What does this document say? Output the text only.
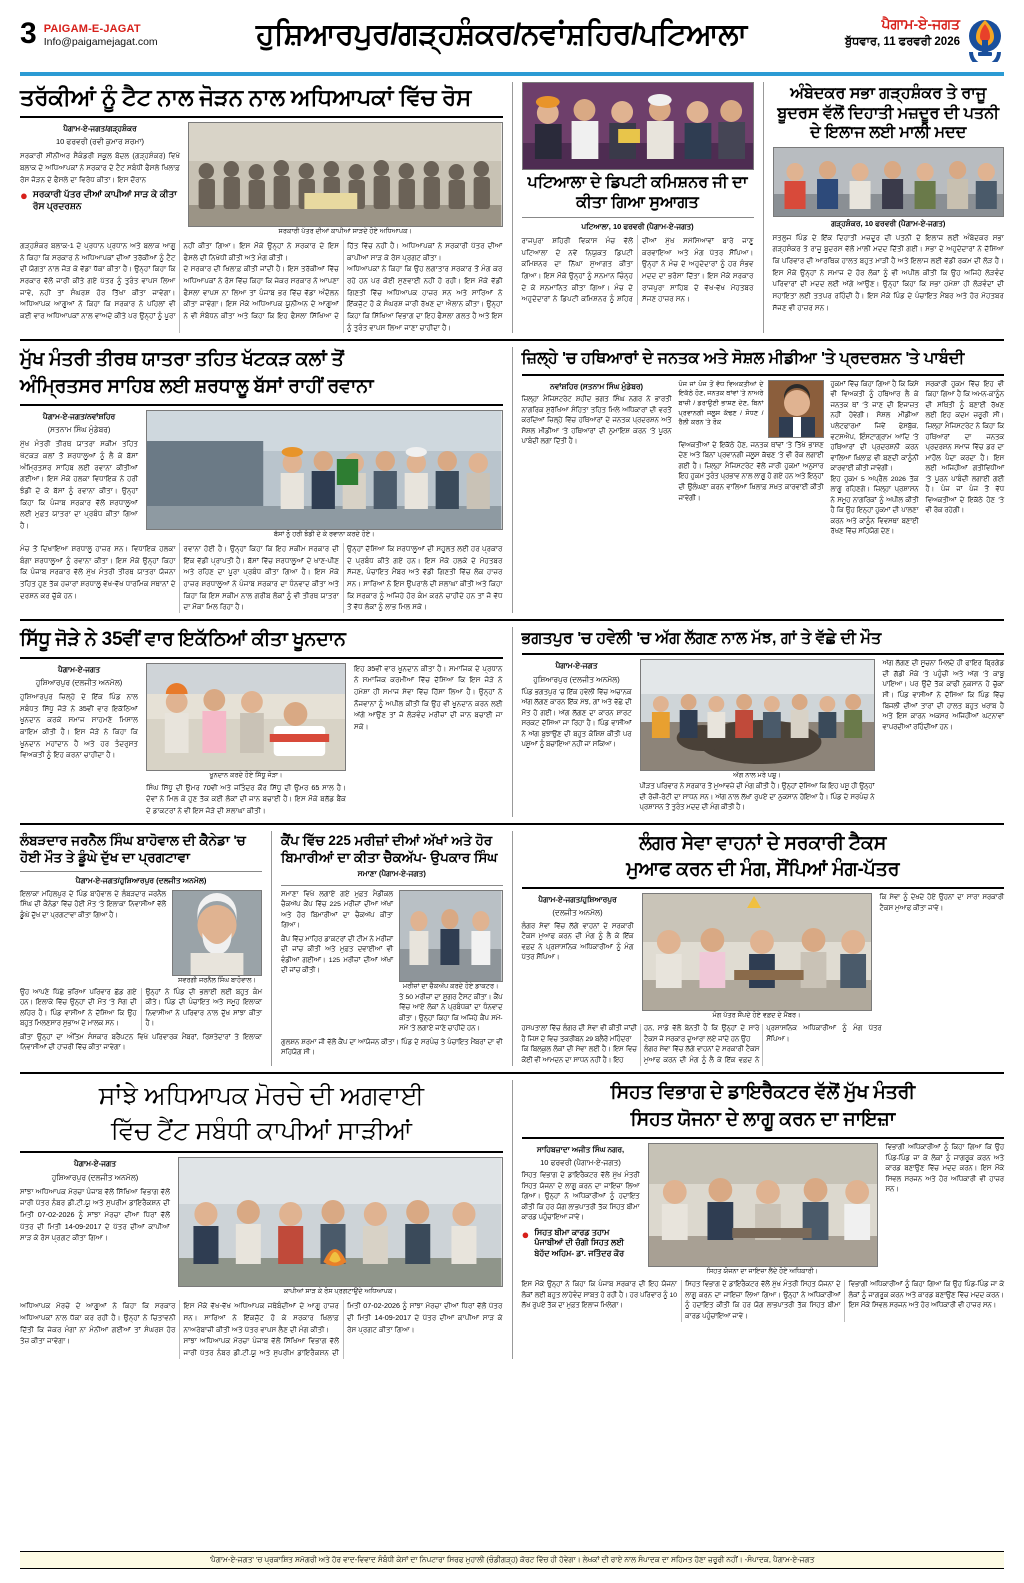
3 PAIGAM-E-JAGAT
Info@paigamejagat.com	ਹੁਸ਼ਿਆਰਪੁਰ/ਗੜ੍ਹਸ਼ੰਕਰ/ਨਵਾਂਸ਼ਹਿਰ/ਪਟਿਆਲਾ	ਪੈਗਾਮ-ਏ-ਜਗਤ
ਬੁੱਧਵਾਰ, 11 ਫਰਵਰੀ 2026
ਤਰੱਕੀਆਂ ਨੂੰ ਟੈਟ ਨਾਲ ਜੋੜਨ ਨਾਲ ਅਧਿਆਪਕਾਂ ਵਿੱਚ ਰੋਸ
ਪੈਗਾਮ-ਏ-ਜਗਤ/ਗੜ੍ਹਸ਼ੰਕਰ
10 ਫਰਵਰੀ (ਰਵੀ ਕੁਮਾਰ ਸ਼ਰਮਾ)
ਸਰਕਾਰੀ ਸੀਨੀਅਰ ਸੈਕੰਡਰੀ ਸਕੂਲ ਬੋਦਲ (ਗੜ੍ਹਸ਼ੰਕਰ) ਵਿਖੇ ਬਲਾਕ ਦੇ ਅਧਿਆਪਕਾਂ ਨੇ ਸਰਕਾਰ ਦੇ ਟੈਟ ਸਬੰਧੀ ਫੈਸਲੇ ਖਿਲਾਫ਼ ਰੋਸ ਜੋੜਨ ਦੇ ਫੈਸਲੇ ਦਾ ਵਿਰੋਧ ਕੀਤਾ। ਇਸ ਦੌਰਾਨ
● ਸਰਕਾਰੀ ਪੱਤਰ ਦੀਆਂ ਕਾਪੀਆਂ ਸਾੜ ਕੇ ਕੀਤਾ ਰੋਸ ਪ੍ਰਦਰਸ਼ਨ
ਸਰਕਾਰੀ ਪੱਤਰ ਦੀਆਂ ਕਾਪੀਆਂ ਸਾੜਦੇ ਹੋਏ ਅਧਿਆਪਕ।
ਗੜ੍ਹਸ਼ੰਕਰ ਬਲਾਕ-1 ਦੇ ਪ੍ਰਧਾਨ ਪ੍ਰਧਾਨ ਅਤੇ ਬਲਾਕ ਆਗੂ ਨੇ ਕਿਹਾ ਕਿ ਸਰਕਾਰ ਨੇ ਅਧਿਆਪਕਾਂ ਦੀਆਂ ਤਰੱਕੀਆਂ ਨੂੰ ਟੈਟ ਦੀ ਯੋਗਤਾ ਨਾਲ ਜੋੜ ਕੇ ਵੱਡਾ ਧੱਕਾ ਕੀਤਾ ਹੈ। ਉਨ੍ਹਾਂ ਕਿਹਾ ਕਿ ਸਰਕਾਰ ਵੱਲੋਂ ਜਾਰੀ ਕੀਤੇ ਗਏ ਪੱਤਰ ਨੂੰ ਤੁਰੰਤ ਵਾਪਸ ਲਿਆ ਜਾਵੇ, ਨਹੀਂ ਤਾਂ ਸੰਘਰਸ਼ ਹੋਰ ਤਿੱਖਾ ਕੀਤਾ ਜਾਵੇਗਾ। ਅਧਿਆਪਕ ਆਗੂਆਂ ਨੇ ਕਿਹਾ ਕਿ ਸਰਕਾਰ ਨੇ ਪਹਿਲਾਂ ਵੀ ਕਈ ਵਾਰ ਅਧਿਆਪਕਾਂ ਨਾਲ ਵਾਅਦੇ ਕੀਤੇ ਪਰ ਉਨ੍ਹਾਂ ਨੂੰ ਪੂਰਾ ਨਹੀਂ ਕੀਤਾ ਗਿਆ। ਇਸ ਮੌਕੇ ਉਨ੍ਹਾਂ ਨੇ ਸਰਕਾਰ ਦੇ ਇਸ ਫੈਸਲੇ ਦੀ ਨਿਖੇਧੀ ਕੀਤੀ ਅਤੇ ਮੰਗ ਕੀਤੀ।
ਦੇ ਸਰਕਾਰ ਦੀ ਖਿਲਾਫ਼ ਕੀਤੀ ਜਾਂਦੀ ਹੈ। ਇਸ ਤਰੱਕੀਆਂ ਵਿੱਚ ਅਧਿਆਪਕਾਂ ਨੇ ਰੋਸ ਵਿੱਚ ਕਿਹਾ ਕਿ ਜੇਕਰ ਸਰਕਾਰ ਨੇ ਆਪਣਾ ਫੈਸਲਾ ਵਾਪਸ ਨਾ ਲਿਆ ਤਾਂ ਪੰਜਾਬ ਭਰ ਵਿੱਚ ਵੱਡਾ ਅੰਦੋਲਨ ਕੀਤਾ ਜਾਵੇਗਾ। ਇਸ ਮੌਕੇ ਅਧਿਆਪਕ ਯੂਨੀਅਨ ਦੇ ਆਗੂਆਂ ਨੇ ਵੀ ਸੰਬੋਧਨ ਕੀਤਾ ਅਤੇ ਕਿਹਾ ਕਿ ਇਹ ਫੈਸਲਾ ਸਿੱਖਿਆ ਦੇ ਹਿੱਤ ਵਿੱਚ ਨਹੀਂ ਹੈ। ਅਧਿਆਪਕਾਂ ਨੇ ਸਰਕਾਰੀ ਪੱਤਰ ਦੀਆਂ ਕਾਪੀਆਂ ਸਾੜ ਕੇ ਰੋਸ ਪ੍ਰਗਟ ਕੀਤਾ।
ਅਧਿਆਪਕਾਂ ਨੇ ਕਿਹਾ ਕਿ ਉਹ ਲਗਾਤਾਰ ਸਰਕਾਰ ਤੋਂ ਮੰਗ ਕਰ ਰਹੇ ਹਨ ਪਰ ਕੋਈ ਸੁਣਵਾਈ ਨਹੀਂ ਹੋ ਰਹੀ। ਇਸ ਮੌਕੇ ਵੱਡੀ ਗਿਣਤੀ ਵਿੱਚ ਅਧਿਆਪਕ ਹਾਜ਼ਰ ਸਨ ਅਤੇ ਸਾਰਿਆਂ ਨੇ ਇੱਕਜੁੱਟ ਹੋ ਕੇ ਸੰਘਰਸ਼ ਜਾਰੀ ਰੱਖਣ ਦਾ ਐਲਾਨ ਕੀਤਾ। ਉਨ੍ਹਾਂ ਕਿਹਾ ਕਿ ਸਿੱਖਿਆ ਵਿਭਾਗ ਦਾ ਇਹ ਫੈਸਲਾ ਗਲਤ ਹੈ ਅਤੇ ਇਸ ਨੂੰ ਤੁਰੰਤ ਵਾਪਸ ਲਿਆ ਜਾਣਾ ਚਾਹੀਦਾ ਹੈ।
ਪਟਿਆਲਾ ਦੇ ਡਿਪਟੀ ਕਮਿਸ਼ਨਰ ਜੀ ਦਾ ਕੀਤਾ ਗਿਆ ਸੁਆਗਤ
ਪਟਿਆਲਾ, 10 ਫਰਵਰੀ (ਪੈਗਾਮ-ਏ-ਜਗਤ)
ਰਾਜਪੁਰਾ ਸ਼ਹਿਰੀ ਵਿਕਾਸ ਮੰਚ ਵੱਲੋਂ ਪਟਿਆਲਾ ਦੇ ਨਵੇਂ ਨਿਯੁਕਤ ਡਿਪਟੀ ਕਮਿਸ਼ਨਰ ਦਾ ਨਿੱਘਾ ਸੁਆਗਤ ਕੀਤਾ ਗਿਆ। ਇਸ ਮੌਕੇ ਉਨ੍ਹਾਂ ਨੂੰ ਸਨਮਾਨ ਚਿੰਨ੍ਹ ਦੇ ਕੇ ਸਨਮਾਨਿਤ ਕੀਤਾ ਗਿਆ। ਮੰਚ ਦੇ ਅਹੁਦੇਦਾਰਾਂ ਨੇ ਡਿਪਟੀ ਕਮਿਸ਼ਨਰ ਨੂੰ ਸ਼ਹਿਰ ਦੀਆਂ ਮੁੱਖ ਸਮੱਸਿਆਵਾਂ ਬਾਰੇ ਜਾਣੂ ਕਰਵਾਇਆ ਅਤੇ ਮੰਗ ਪੱਤਰ ਸੌਂਪਿਆ। ਉਨ੍ਹਾਂ ਨੇ ਮੰਚ ਦੇ ਅਹੁਦੇਦਾਰਾਂ ਨੂੰ ਹਰ ਸੰਭਵ ਮਦਦ ਦਾ ਭਰੋਸਾ ਦਿੱਤਾ। ਇਸ ਮੌਕੇ ਸਰਕਾਰ ਰਾਜਪੁਰਾ ਸਾਹਿਬ ਦੇ ਵੱਖ-ਵੱਖ ਮੋਹਤਬਰ ਸੱਜਣ ਹਾਜ਼ਰ ਸਨ।
ਅੰਬੇਦਕਰ ਸਭਾ ਗੜ੍ਹਸ਼ੰਕਰ ਤੇ ਰਾਜੂ ਬੂਦਰਸ ਵੱਲੋਂ ਦਿਹਾਤੀ ਮਜ਼ਦੂਰ ਦੀ ਪਤਨੀ ਦੇ ਇਲਾਜ ਲਈ ਮਾਲੀ ਮਦਦ
ਗੜ੍ਹਸ਼ੰਕਰ, 10 ਫਰਵਰੀ (ਪੈਗਾਮ-ਏ-ਜਗਤ)
ਸਤਲੁਜ ਪਿੰਡ ਦੇ ਇੱਕ ਦਿਹਾਤੀ ਮਜ਼ਦੂਰ ਦੀ ਪਤਨੀ ਦੇ ਇਲਾਜ ਲਈ ਅੰਬੇਦਕਰ ਸਭਾ ਗੜ੍ਹਸ਼ੰਕਰ ਤੇ ਰਾਜੂ ਬੂਦਰਸ ਵੱਲੋਂ ਮਾਲੀ ਮਦਦ ਦਿੱਤੀ ਗਈ। ਸਭਾ ਦੇ ਅਹੁਦੇਦਾਰਾਂ ਨੇ ਦੱਸਿਆ ਕਿ ਪਰਿਵਾਰ ਦੀ ਆਰਥਿਕ ਹਾਲਤ ਬਹੁਤ ਮਾੜੀ ਹੈ ਅਤੇ ਇਲਾਜ ਲਈ ਵੱਡੀ ਰਕਮ ਦੀ ਲੋੜ ਹੈ। ਇਸ ਮੌਕੇ ਉਨ੍ਹਾਂ ਨੇ ਸਮਾਜ ਦੇ ਹੋਰ ਲੋਕਾਂ ਨੂੰ ਵੀ ਅਪੀਲ ਕੀਤੀ ਕਿ ਉਹ ਅਜਿਹੇ ਲੋੜਵੰਦ ਪਰਿਵਾਰਾਂ ਦੀ ਮਦਦ ਲਈ ਅੱਗੇ ਆਉਣ। ਉਨ੍ਹਾਂ ਕਿਹਾ ਕਿ ਸਭਾ ਹਮੇਸ਼ਾ ਹੀ ਲੋੜਵੰਦਾਂ ਦੀ ਸਹਾਇਤਾ ਲਈ ਤਤਪਰ ਰਹਿੰਦੀ ਹੈ। ਇਸ ਮੌਕੇ ਪਿੰਡ ਦੇ ਪੰਚਾਇਤ ਮੈਂਬਰ ਅਤੇ ਹੋਰ ਮੋਹਤਬਰ ਸੱਜਣ ਵੀ ਹਾਜ਼ਰ ਸਨ।
ਮੁੱਖ ਮੰਤਰੀ ਤੀਰਥ ਯਾਤਰਾ ਤਹਿਤ ਖੱਟਕੜ ਕਲਾਂ ਤੋਂ
ਅੰਮ੍ਰਿਤਸਰ ਸਾਹਿਬ ਲਈ ਸ਼ਰਧਾਲੂ ਬੱਸਾਂ ਰਾਹੀਂ ਰਵਾਨਾ
ਪੈਗਾਮ-ਏ-ਜਗਤ/ਨਵਾਂਸ਼ਹਿਰ
(ਸਤਨਾਮ ਸਿੰਘ ਮੁੰਡੇਬਰ)
ਮੁੱਖ ਮੰਤਰੀ ਤੀਰਥ ਯਾਤਰਾ ਸਕੀਮ ਤਹਿਤ ਖੱਟਕੜ ਕਲਾਂ ਤੋਂ ਸ਼ਰਧਾਲੂਆਂ ਨੂੰ ਲੈ ਕੇ ਬੱਸਾਂ ਅੰਮ੍ਰਿਤਸਰ ਸਾਹਿਬ ਲਈ ਰਵਾਨਾ ਕੀਤੀਆਂ ਗਈਆਂ। ਇਸ ਮੌਕੇ ਹਲਕਾ ਵਿਧਾਇਕ ਨੇ ਹਰੀ ਝੰਡੀ ਦੇ ਕੇ ਬੱਸਾਂ ਨੂੰ ਰਵਾਨਾ ਕੀਤਾ। ਉਨ੍ਹਾਂ ਕਿਹਾ ਕਿ ਪੰਜਾਬ ਸਰਕਾਰ ਵੱਲੋਂ ਸ਼ਰਧਾਲੂਆਂ ਲਈ ਮੁਫ਼ਤ ਯਾਤਰਾ ਦਾ ਪ੍ਰਬੰਧ ਕੀਤਾ ਗਿਆ ਹੈ।
ਬੱਸਾਂ ਨੂੰ ਹਰੀ ਝੰਡੀ ਦੇ ਕੇ ਰਵਾਨਾ ਕਰਦੇ ਹੋਏ।
ਮੰਚ ਤੋਂ ਦਿਖਾਇਆ ਸ਼ਰਧਾਲੂ ਹਾਜ਼ਰ ਸਨ। ਵਿਧਾਇਕ ਹਲਕਾ ਬੰਗਾ ਸ਼ਰਧਾਲੂਆਂ ਨੂੰ ਰਵਾਨਾ ਕੀਤਾ। ਇਸ ਮੌਕੇ ਉਨ੍ਹਾਂ ਕਿਹਾ ਕਿ ਪੰਜਾਬ ਸਰਕਾਰ ਵੱਲੋਂ ਮੁੱਖ ਮੰਤਰੀ ਤੀਰਥ ਯਾਤਰਾ ਯੋਜਨਾ ਤਹਿਤ ਹੁਣ ਤੱਕ ਹਜ਼ਾਰਾਂ ਸ਼ਰਧਾਲੂ ਵੱਖ-ਵੱਖ ਧਾਰਮਿਕ ਸਥਾਨਾਂ ਦੇ ਦਰਸ਼ਨ ਕਰ ਚੁੱਕੇ ਹਨ।
ਰਵਾਨਾ ਹੋਈ ਹੈ। ਉਨ੍ਹਾਂ ਕਿਹਾ ਕਿ ਇਹ ਸਕੀਮ ਸਰਕਾਰ ਦੀ ਇੱਕ ਵੱਡੀ ਪ੍ਰਾਪਤੀ ਹੈ। ਬੱਸਾਂ ਵਿੱਚ ਸ਼ਰਧਾਲੂਆਂ ਦੇ ਖਾਣ-ਪੀਣ ਅਤੇ ਰਹਿਣ ਦਾ ਪੂਰਾ ਪ੍ਰਬੰਧ ਕੀਤਾ ਗਿਆ ਹੈ। ਇਸ ਮੌਕੇ ਹਾਜ਼ਰ ਸ਼ਰਧਾਲੂਆਂ ਨੇ ਪੰਜਾਬ ਸਰਕਾਰ ਦਾ ਧੰਨਵਾਦ ਕੀਤਾ ਅਤੇ ਕਿਹਾ ਕਿ ਇਸ ਸਕੀਮ ਨਾਲ ਗਰੀਬ ਲੋਕਾਂ ਨੂੰ ਵੀ ਤੀਰਥ ਯਾਤਰਾ ਦਾ ਮੌਕਾ ਮਿਲ ਰਿਹਾ ਹੈ।
ਉਨ੍ਹਾਂ ਦੱਸਿਆ ਕਿ ਸ਼ਰਧਾਲੂਆਂ ਦੀ ਸਹੂਲਤ ਲਈ ਹਰ ਪ੍ਰਕਾਰ ਦੇ ਪ੍ਰਬੰਧ ਕੀਤੇ ਗਏ ਹਨ। ਇਸ ਮੌਕੇ ਹਲਕੇ ਦੇ ਮੋਹਤਬਰ ਸੱਜਣ, ਪੰਚਾਇਤ ਮੈਂਬਰ ਅਤੇ ਵੱਡੀ ਗਿਣਤੀ ਵਿੱਚ ਲੋਕ ਹਾਜ਼ਰ ਸਨ। ਸਾਰਿਆਂ ਨੇ ਇਸ ਉਪਰਾਲੇ ਦੀ ਸ਼ਲਾਘਾ ਕੀਤੀ ਅਤੇ ਕਿਹਾ ਕਿ ਸਰਕਾਰ ਨੂੰ ਅਜਿਹੇ ਹੋਰ ਕੰਮ ਕਰਨੇ ਚਾਹੀਦੇ ਹਨ ਤਾਂ ਜੋ ਵੱਧ ਤੋਂ ਵੱਧ ਲੋਕਾਂ ਨੂੰ ਲਾਭ ਮਿਲ ਸਕੇ।
ਜ਼ਿਲ੍ਹੇ 'ਚ ਹਥਿਆਰਾਂ ਦੇ ਜਨਤਕ ਅਤੇ ਸੋਸ਼ਲ ਮੀਡੀਆ 'ਤੇ ਪ੍ਰਦਰਸ਼ਨ 'ਤੇ ਪਾਬੰਦੀ
ਨਵਾਂਸ਼ਹਿਰ (ਸਤਨਾਮ ਸਿੰਘ ਮੁੰਡੇਬਰ)
ਜ਼ਿਲ੍ਹਾ ਮੈਜਿਸਟਰੇਟ ਸ਼ਹੀਦ ਭਗਤ ਸਿੰਘ ਨਗਰ ਨੇ ਭਾਰਤੀ ਨਾਗਰਿਕ ਸੁਰੱਖਿਆ ਸੰਹਿਤਾ ਤਹਿਤ ਮਿਲੇ ਅਧਿਕਾਰਾਂ ਦੀ ਵਰਤੋਂ ਕਰਦਿਆਂ ਜ਼ਿਲ੍ਹੇ ਵਿੱਚ ਹਥਿਆਰਾਂ ਦੇ ਜਨਤਕ ਪ੍ਰਦਰਸ਼ਨ ਅਤੇ ਸੋਸ਼ਲ ਮੀਡੀਆ 'ਤੇ ਹਥਿਆਰਾਂ ਦੀ ਨੁਮਾਇਸ਼ ਕਰਨ 'ਤੇ ਪੂਰਨ ਪਾਬੰਦੀ ਲਗਾ ਦਿੱਤੀ ਹੈ।
ਪੰਜ ਜਾਂ ਪੰਜ ਤੋਂ ਵੱਧ ਵਿਅਕਤੀਆਂ ਦੇ ਇਕੱਠੇ ਹੋਣ, ਜਨਤਕ ਥਾਂਵਾਂ 'ਤੇ ਨਾਅਰੇ ਬਾਜ਼ੀ / ਡਰਾਉਣੀ ਭਾਸ਼ਣ ਦੇਣ, ਬਿਨਾਂ ਪ੍ਰਵਾਨਗੀ ਜਲੂਸ ਕੱਢਣ / ਸੋਧਣ / ਰੈਲੀ ਕਰਨ 'ਤੇ ਰੋਕ
ਵਿਅਕਤੀਆਂ ਦੇ ਇਕੱਠੇ ਹੋਣ, ਜਨਤਕ ਥਾਂਵਾਂ 'ਤੇ ਤਿੱਖੇ ਭਾਸ਼ਣ ਦੇਣ ਅਤੇ ਬਿਨਾਂ ਪ੍ਰਵਾਨਗੀ ਜਲੂਸ ਕੱਢਣ 'ਤੇ ਵੀ ਰੋਕ ਲਗਾਈ ਗਈ ਹੈ। ਜ਼ਿਲ੍ਹਾ ਮੈਜਿਸਟਰੇਟ ਵੱਲੋਂ ਜਾਰੀ ਹੁਕਮਾਂ ਅਨੁਸਾਰ ਇਹ ਹੁਕਮ ਤੁਰੰਤ ਪ੍ਰਭਾਵ ਨਾਲ ਲਾਗੂ ਹੋ ਗਏ ਹਨ ਅਤੇ ਇਨ੍ਹਾਂ ਦੀ ਉਲੰਘਣਾ ਕਰਨ ਵਾਲਿਆਂ ਖ਼ਿਲਾਫ਼ ਸਖ਼ਤ ਕਾਰਵਾਈ ਕੀਤੀ ਜਾਵੇਗੀ।
ਹੁਕਮਾਂ ਵਿੱਚ ਕਿਹਾ ਗਿਆ ਹੈ ਕਿ ਕਿਸੇ ਵੀ ਵਿਅਕਤੀ ਨੂੰ ਹਥਿਆਰ ਲੈ ਕੇ ਜਨਤਕ ਥਾਂ 'ਤੇ ਜਾਣ ਦੀ ਇਜਾਜ਼ਤ ਨਹੀਂ ਹੋਵੇਗੀ। ਸੋਸ਼ਲ ਮੀਡੀਆ ਪਲੇਟਫਾਰਮਾਂ ਜਿਵੇਂ ਫੇਸਬੁੱਕ, ਵਟਸਐਪ, ਇੰਸਟਾਗ੍ਰਾਮ ਆਦਿ 'ਤੇ ਹਥਿਆਰਾਂ ਦੀ ਪ੍ਰਦਰਸ਼ਨੀ ਕਰਨ ਵਾਲਿਆਂ ਖ਼ਿਲਾਫ਼ ਵੀ ਬਣਦੀ ਕਾਨੂੰਨੀ ਕਾਰਵਾਈ ਕੀਤੀ ਜਾਵੇਗੀ।
ਇਹ ਹੁਕਮ 5 ਅਪ੍ਰੈਲ 2026 ਤੱਕ ਲਾਗੂ ਰਹਿਣਗੇ। ਜ਼ਿਲ੍ਹਾ ਪ੍ਰਸ਼ਾਸਨ ਨੇ ਸਮੂਹ ਨਾਗਰਿਕਾਂ ਨੂੰ ਅਪੀਲ ਕੀਤੀ ਹੈ ਕਿ ਉਹ ਇਨ੍ਹਾਂ ਹੁਕਮਾਂ ਦੀ ਪਾਲਣਾ ਕਰਨ ਅਤੇ ਕਾਨੂੰਨ ਵਿਵਸਥਾ ਬਣਾਈ ਰੱਖਣ ਵਿੱਚ ਸਹਿਯੋਗ ਦੇਣ।
ਸਰਕਾਰੀ ਹੁਕਮ ਵਿੱਚ ਇਹ ਵੀ ਕਿਹਾ ਗਿਆ ਹੈ ਕਿ ਅਮਨ-ਕਾਨੂੰਨ ਦੀ ਸਥਿਤੀ ਨੂੰ ਬਣਾਈ ਰੱਖਣ ਲਈ ਇਹ ਕਦਮ ਜ਼ਰੂਰੀ ਸੀ। ਜ਼ਿਲ੍ਹਾ ਮੈਜਿਸਟਰੇਟ ਨੇ ਕਿਹਾ ਕਿ ਹਥਿਆਰਾਂ ਦਾ ਜਨਤਕ ਪ੍ਰਦਰਸ਼ਨ ਸਮਾਜ ਵਿੱਚ ਡਰ ਦਾ ਮਾਹੌਲ ਪੈਦਾ ਕਰਦਾ ਹੈ। ਇਸ ਲਈ ਅਜਿਹੀਆਂ ਗਤੀਵਿਧੀਆਂ 'ਤੇ ਪੂਰਨ ਪਾਬੰਦੀ ਲਗਾਈ ਗਈ ਹੈ। ਪੰਜ ਜਾਂ ਪੰਜ ਤੋਂ ਵੱਧ ਵਿਅਕਤੀਆਂ ਦੇ ਇਕੱਠੇ ਹੋਣ 'ਤੇ ਵੀ ਰੋਕ ਰਹੇਗੀ।
ਸਿੱਧੂ ਜੋੜੇ ਨੇ 35ਵੀਂ ਵਾਰ ਇਕੱਠਿਆਂ ਕੀਤਾ ਖੂਨਦਾਨ
ਪੈਗਾਮ-ਏ-ਜਗਤ
ਹੁਸ਼ਿਆਰਪੁਰ (ਦਲਜੀਤ ਅਨਮੋਲ)
ਹੁਸ਼ਿਆਰਪੁਰ ਜ਼ਿਲ੍ਹੇ ਦੇ ਇੱਕ ਪਿੰਡ ਨਾਲ ਸਬੰਧਤ ਸਿੱਧੂ ਜੋੜੇ ਨੇ 35ਵੀਂ ਵਾਰ ਇਕੱਠਿਆਂ ਖੂਨਦਾਨ ਕਰਕੇ ਸਮਾਜ ਸਾਹਮਣੇ ਮਿਸਾਲ ਕਾਇਮ ਕੀਤੀ ਹੈ। ਇਸ ਜੋੜੇ ਨੇ ਕਿਹਾ ਕਿ ਖੂਨਦਾਨ ਮਹਾਂਦਾਨ ਹੈ ਅਤੇ ਹਰ ਤੰਦਰੁਸਤ ਵਿਅਕਤੀ ਨੂੰ ਇਹ ਕਰਨਾ ਚਾਹੀਦਾ ਹੈ।
ਖੂਨਦਾਨ ਕਰਦੇ ਹੋਏ ਸਿੱਧੂ ਜੋੜਾ।
ਸਿੰਘ ਸਿੱਧੂ ਦੀ ਉਮਰ 70ਵੀਂ ਅਤੇ ਜਤਿੰਦਰ ਕੌਰ ਸਿੱਧੂ ਦੀ ਉਮਰ 65 ਸਾਲ ਹੈ। ਦੋਵਾਂ ਨੇ ਮਿਲ ਕੇ ਹੁਣ ਤੱਕ ਕਈ ਲੋਕਾਂ ਦੀ ਜਾਨ ਬਚਾਈ ਹੈ। ਇਸ ਮੌਕੇ ਬਲੱਡ ਬੈਂਕ ਦੇ ਡਾਕਟਰਾਂ ਨੇ ਵੀ ਇਸ ਜੋੜੇ ਦੀ ਸ਼ਲਾਘਾ ਕੀਤੀ।
ਇਹ 35ਵੀਂ ਵਾਰ ਖੂਨਦਾਨ ਕੀਤਾ ਹੈ। ਸਮਾਜਿਕ ਦੇ ਪ੍ਰਧਾਨ ਨੇ ਸਮਾਜਿਕ ਕਰਮੀਆਂ ਵਿੱਚ ਦੱਸਿਆ ਕਿ ਇਸ ਜੋੜੇ ਨੇ ਹਮੇਸ਼ਾ ਹੀ ਸਮਾਜ ਸੇਵਾ ਵਿੱਚ ਹਿੱਸਾ ਲਿਆ ਹੈ। ਉਨ੍ਹਾਂ ਨੇ ਨੌਜਵਾਨਾਂ ਨੂੰ ਅਪੀਲ ਕੀਤੀ ਕਿ ਉਹ ਵੀ ਖੂਨਦਾਨ ਕਰਨ ਲਈ ਅੱਗੇ ਆਉਣ ਤਾਂ ਜੋ ਲੋੜਵੰਦ ਮਰੀਜ਼ਾਂ ਦੀ ਜਾਨ ਬਚਾਈ ਜਾ ਸਕੇ।
ਭਗਤਪੁਰ 'ਚ ਹਵੇਲੀ 'ਚ ਅੱਗ ਲੱਗਣ ਨਾਲ ਮੱਝ, ਗਾਂ ਤੇ ਵੱਛੇ ਦੀ ਮੌਤ
ਪੈਗਾਮ-ਏ-ਜਗਤ
ਹੁਸ਼ਿਆਰਪੁਰ (ਦਲਜੀਤ ਅਨਮੋਲ)
ਪਿੰਡ ਭਗਤਪੁਰ 'ਚ ਇੱਕ ਹਵੇਲੀ ਵਿੱਚ ਅਚਾਨਕ ਅੱਗ ਲੱਗਣ ਕਾਰਨ ਇੱਕ ਮੱਝ, ਗਾਂ ਅਤੇ ਵੱਛੇ ਦੀ ਮੌਤ ਹੋ ਗਈ। ਅੱਗ ਲੱਗਣ ਦਾ ਕਾਰਨ ਸ਼ਾਰਟ ਸਰਕਟ ਦੱਸਿਆ ਜਾ ਰਿਹਾ ਹੈ। ਪਿੰਡ ਵਾਸੀਆਂ ਨੇ ਅੱਗ ਬੁਝਾਉਣ ਦੀ ਬਹੁਤ ਕੋਸ਼ਿਸ਼ ਕੀਤੀ ਪਰ ਪਸ਼ੂਆਂ ਨੂੰ ਬਚਾਇਆ ਨਹੀਂ ਜਾ ਸਕਿਆ।
ਅੱਗ ਨਾਲ ਮਰੇ ਪਸ਼ੂ।
ਪੀੜਤ ਪਰਿਵਾਰ ਨੇ ਸਰਕਾਰ ਤੋਂ ਮੁਆਵਜ਼ੇ ਦੀ ਮੰਗ ਕੀਤੀ ਹੈ। ਉਨ੍ਹਾਂ ਦੱਸਿਆ ਕਿ ਇਹ ਪਸ਼ੂ ਹੀ ਉਨ੍ਹਾਂ ਦੀ ਰੋਜ਼ੀ-ਰੋਟੀ ਦਾ ਸਾਧਨ ਸਨ। ਅੱਗ ਨਾਲ ਲੱਖਾਂ ਰੁਪਏ ਦਾ ਨੁਕਸਾਨ ਹੋਇਆ ਹੈ। ਪਿੰਡ ਦੇ ਸਰਪੰਚ ਨੇ ਪ੍ਰਸ਼ਾਸਨ ਤੋਂ ਤੁਰੰਤ ਮਦਦ ਦੀ ਮੰਗ ਕੀਤੀ ਹੈ।
ਅੱਗ ਲੱਗਣ ਦੀ ਸੂਚਨਾ ਮਿਲਦੇ ਹੀ ਫਾਇਰ ਬ੍ਰਿਗੇਡ ਦੀ ਗੱਡੀ ਮੌਕੇ 'ਤੇ ਪਹੁੰਚੀ ਅਤੇ ਅੱਗ 'ਤੇ ਕਾਬੂ ਪਾਇਆ। ਪਰ ਉਦੋਂ ਤੱਕ ਕਾਫੀ ਨੁਕਸਾਨ ਹੋ ਚੁੱਕਾ ਸੀ। ਪਿੰਡ ਵਾਸੀਆਂ ਨੇ ਦੱਸਿਆ ਕਿ ਪਿੰਡ ਵਿੱਚ ਬਿਜਲੀ ਦੀਆਂ ਤਾਰਾਂ ਦੀ ਹਾਲਤ ਬਹੁਤ ਖਰਾਬ ਹੈ ਅਤੇ ਇਸ ਕਾਰਨ ਅਕਸਰ ਅਜਿਹੀਆਂ ਘਟਨਾਵਾਂ ਵਾਪਰਦੀਆਂ ਰਹਿੰਦੀਆਂ ਹਨ।
ਲੰਬੜਦਾਰ ਜਰਨੈਲ ਸਿੰਘ ਬਾਹੋਵਾਲ ਦੀ ਕੈਨੇਡਾ 'ਚ ਹੋਈ ਮੌਤ ਤੇ ਡੂੰਘੇ ਦੁੱਖ ਦਾ ਪ੍ਰਗਟਾਵਾ
ਪੈਗਾਮ-ਏ-ਜਗਤ/ਹੁਸ਼ਿਆਰਪੁਰ (ਦਲਜੀਤ ਅਨਮੋਲ)
ਇਲਾਕਾ ਮਹਿਲਪੁਰ ਦੇ ਪਿੰਡ ਬਾਹੋਵਾਲ ਦੇ ਲੰਬੜਦਾਰ ਜਰਨੈਲ ਸਿੰਘ ਦੀ ਕੈਨੇਡਾ ਵਿੱਚ ਹੋਈ ਮੌਤ 'ਤੇ ਇਲਾਕਾ ਨਿਵਾਸੀਆਂ ਵੱਲੋਂ ਡੂੰਘੇ ਦੁੱਖ ਦਾ ਪ੍ਰਗਟਾਵਾ ਕੀਤਾ ਗਿਆ ਹੈ।
ਸਵਰਗੀ ਜਰਨੈਲ ਸਿੰਘ ਬਾਹੋਵਾਲ।
ਉਹ ਆਪਣੇ ਪਿੱਛੇ ਭਰਿਆ ਪਰਿਵਾਰ ਛੱਡ ਗਏ ਹਨ। ਇਲਾਕੇ ਵਿੱਚ ਉਨ੍ਹਾਂ ਦੀ ਮੌਤ 'ਤੇ ਸੋਗ ਦੀ ਲਹਿਰ ਹੈ। ਪਿੰਡ ਵਾਸੀਆਂ ਨੇ ਦੱਸਿਆ ਕਿ ਉਹ ਬਹੁਤ ਮਿਲਣਸਾਰ ਸੁਭਾਅ ਦੇ ਮਾਲਕ ਸਨ।
ਉਨ੍ਹਾਂ ਨੇ ਪਿੰਡ ਦੀ ਭਲਾਈ ਲਈ ਬਹੁਤ ਕੰਮ ਕੀਤੇ। ਪਿੰਡ ਦੀ ਪੰਚਾਇਤ ਅਤੇ ਸਮੂਹ ਇਲਾਕਾ ਨਿਵਾਸੀਆਂ ਨੇ ਪਰਿਵਾਰ ਨਾਲ ਦੁੱਖ ਸਾਂਝਾ ਕੀਤਾ ਹੈ।
ਕੀਤਾ ਉਨ੍ਹਾਂ ਦਾ ਅੰਤਿਮ ਸੰਸਕਾਰ ਬਰੈਂਪਟਨ ਵਿਖੇ ਪਰਿਵਾਰਕ ਮੈਂਬਰਾਂ, ਰਿਸ਼ਤੇਦਾਰਾਂ ਤੇ ਇਲਾਕਾ ਨਿਵਾਸੀਆਂ ਦੀ ਹਾਜ਼ਰੀ ਵਿੱਚ ਕੀਤਾ ਜਾਵੇਗਾ।
ਕੈਂਪ ਵਿੱਚ 225 ਮਰੀਜ਼ਾਂ ਦੀਆਂ ਅੱਖਾਂ ਅਤੇ ਹੋਰ ਬਿਮਾਰੀਆਂ ਦਾ ਕੀਤਾ ਚੈਕਅੱਪ- ਉਪਕਾਰ ਸਿੰਘ
ਸਮਾਣਾ (ਪੈਗਾਮ-ਏ-ਜਗਤ)
ਸਮਾਣਾ ਵਿਖੇ ਲਗਾਏ ਗਏ ਮੁਫ਼ਤ ਮੈਡੀਕਲ ਚੈਕਅੱਪ ਕੈਂਪ ਵਿੱਚ 225 ਮਰੀਜ਼ਾਂ ਦੀਆਂ ਅੱਖਾਂ ਅਤੇ ਹੋਰ ਬਿਮਾਰੀਆਂ ਦਾ ਚੈਕਅੱਪ ਕੀਤਾ ਗਿਆ।
ਕੈਂਪ ਵਿੱਚ ਮਾਹਿਰ ਡਾਕਟਰਾਂ ਦੀ ਟੀਮ ਨੇ ਮਰੀਜ਼ਾਂ ਦੀ ਜਾਂਚ ਕੀਤੀ ਅਤੇ ਮੁਫ਼ਤ ਦਵਾਈਆਂ ਵੀ ਵੰਡੀਆਂ ਗਈਆਂ। 125 ਮਰੀਜ਼ਾਂ ਦੀਆਂ ਅੱਖਾਂ ਦੀ ਜਾਂਚ ਕੀਤੀ।
ਮਰੀਜ਼ਾਂ ਦਾ ਚੈਕਅੱਪ ਕਰਦੇ ਹੋਏ ਡਾਕਟਰ।
ਤੇ 50 ਮਰੀਜ਼ਾਂ ਦਾ ਸ਼ੂਗਰ ਟੈਸਟ ਕੀਤਾ। ਕੈਂਪ ਵਿੱਚ ਆਏ ਲੋਕਾਂ ਨੇ ਪ੍ਰਬੰਧਕਾਂ ਦਾ ਧੰਨਵਾਦ ਕੀਤਾ। ਉਨ੍ਹਾਂ ਕਿਹਾ ਕਿ ਅਜਿਹੇ ਕੈਂਪ ਸਮੇਂ-ਸਮੇਂ 'ਤੇ ਲਗਾਏ ਜਾਣੇ ਚਾਹੀਦੇ ਹਨ।
ਗੁਲਸ਼ਨ ਸ਼ਰਮਾ ਜੀ ਵੱਲੋਂ ਕੈਂਪ ਦਾ ਆਯੋਜਨ ਕੀਤਾ। ਪਿੰਡ ਦੇ ਸਰਪੰਚ ਤੇ ਪੰਚਾਇਤ ਮੈਂਬਰਾਂ ਦਾ ਵੀ ਸਹਿਯੋਗ ਸੀ।
ਲੰਗਰ ਸੇਵਾ ਵਾਹਨਾਂ ਦੇ ਸਰਕਾਰੀ ਟੈਕਸ
ਮੁਆਫ ਕਰਨ ਦੀ ਮੰਗ, ਸੌਂਪਿਆਂ ਮੰਗ-ਪੱਤਰ
ਪੈਗਾਮ-ਏ-ਜਗਤ/ਹੁਸ਼ਿਆਰਪੁਰ
(ਦਲਜੀਤ ਅਨਮੋਲ)
ਲੰਗਰ ਸੇਵਾ ਵਿੱਚ ਲੱਗੇ ਵਾਹਨਾਂ ਦੇ ਸਰਕਾਰੀ ਟੈਕਸ ਮੁਆਫ ਕਰਨ ਦੀ ਮੰਗ ਨੂੰ ਲੈ ਕੇ ਇੱਕ ਵਫ਼ਦ ਨੇ ਪ੍ਰਸ਼ਾਸਨਿਕ ਅਧਿਕਾਰੀਆਂ ਨੂੰ ਮੰਗ ਪੱਤਰ ਸੌਂਪਿਆ।
ਮੰਗ ਪੱਤਰ ਸੌਂਪਦੇ ਹੋਏ ਵਫ਼ਦ ਦੇ ਮੈਂਬਰ।
ਕਿ ਸੇਵਾ ਨੂੰ ਦੇਖਦੇ ਹੋਏ ਉਹਨਾਂ ਦਾ ਸਾਰਾ ਸਰਕਾਰੀ ਟੈਕਸ ਮੁਆਫ ਕੀਤਾ ਜਾਵੇ।
ਹਸਪਤਾਲਾਂ ਵਿੱਚ ਲੰਗਰ ਦੀ ਸੇਵਾ ਵੀ ਕੀਤੀ ਜਾਂਦੀ ਹੈ ਜਿਸ ਦੇ ਵਿਚ ਤਕਰੀਬਨ 29 ਬਲੈਰੋ ਮਹਿੰਦਰਾ
ਕਿ ਬਿਲਕੁਲ ਲੋਕਾਂ ਦੀ ਸੇਵਾ ਲਈ ਹੈ। ਇਸ ਵਿਚ ਕੋਈ ਵੀ ਆਮਦਨ ਦਾ ਸਾਧਨ ਨਹੀਂ ਹੈ। ਇਹ
ਹਨ, ਸਾਡੇ ਵੱਲੋਂ ਬੇਨਤੀ ਹੈ ਕਿ ਉਨ੍ਹਾਂ ਦੇ ਸਾਰੇ ਟੈਕਸ ਜੋ ਸਰਕਾਰ ਦੁਆਰਾ ਲਏ ਜਾਂਦੇ ਹਨ ਉਹ
ਲੰਗਰ ਸੇਵਾ ਵਿੱਚ ਲੱਗੇ ਵਾਹਨਾਂ ਦੇ ਸਰਕਾਰੀ ਟੈਕਸ ਮੁਆਫ ਕਰਨ ਦੀ ਮੰਗ ਨੂੰ ਲੈ ਕੇ ਇੱਕ ਵਫ਼ਦ ਨੇ ਪ੍ਰਸ਼ਾਸਨਿਕ ਅਧਿਕਾਰੀਆਂ ਨੂੰ ਮੰਗ ਪੱਤਰ ਸੌਂਪਿਆ।
ਸਾਂਝੇ ਅਧਿਆਪਕ ਮੋਰਚੇ ਦੀ ਅਗਵਾਈ
ਵਿੱਚ ਟੈਂਟ ਸਬੰਧੀ ਕਾਪੀਆਂ ਸਾੜੀਆਂ
ਪੈਗਾਮ-ਏ-ਜਗਤ
ਹੁਸ਼ਿਆਰਪੁਰ (ਦਲਜੀਤ ਅਨਮੋਲ)
ਸਾਂਝਾ ਅਧਿਆਪਕ ਮੋਰਚਾ ਪੰਜਾਬ ਵੱਲੋਂ ਸਿੱਖਿਆ ਵਿਭਾਗ ਵੱਲੋਂ ਜਾਰੀ ਪੱਤਰ ਨੰਬਰ ਡੀ.ਟੀ.ਯੂ ਅਤੇ ਸੁਪਰੀਮ ਡਾਇਰੈਕਸ਼ਨ ਦੀ ਮਿਤੀ 07-02-2026 ਨੂੰ ਸਾਂਝਾ ਮੋਰਚਾ ਦੀਆਂ ਧਿਰਾਂ ਵੱਲੋਂ ਪੱਤਰ ਦੀ ਮਿਤੀ 14-09-2017 ਦੇ ਪੱਤਰ ਦੀਆਂ ਕਾਪੀਆਂ ਸਾੜ ਕੇ ਰੋਸ ਪ੍ਰਗਟ ਕੀਤਾ ਗਿਆ।
ਕਾਪੀਆਂ ਸਾੜ ਕੇ ਰੋਸ ਪ੍ਰਗਟਾਉਂਦੇ ਅਧਿਆਪਕ।
ਅਧਿਆਪਕ ਮੋਰਚੇ ਦੇ ਆਗੂਆਂ ਨੇ ਕਿਹਾ ਕਿ ਸਰਕਾਰ ਅਧਿਆਪਕਾਂ ਨਾਲ ਧੱਕਾ ਕਰ ਰਹੀ ਹੈ। ਉਨ੍ਹਾਂ ਨੇ ਚਿਤਾਵਨੀ ਦਿੱਤੀ ਕਿ ਜੇਕਰ ਮੰਗਾਂ ਨਾ ਮੰਨੀਆਂ ਗਈਆਂ ਤਾਂ ਸੰਘਰਸ਼ ਹੋਰ ਤੇਜ਼ ਕੀਤਾ ਜਾਵੇਗਾ।
ਇਸ ਮੌਕੇ ਵੱਖ-ਵੱਖ ਅਧਿਆਪਕ ਜਥੇਬੰਦੀਆਂ ਦੇ ਆਗੂ ਹਾਜ਼ਰ ਸਨ। ਸਾਰਿਆਂ ਨੇ ਇੱਕਜੁੱਟ ਹੋ ਕੇ ਸਰਕਾਰ ਖ਼ਿਲਾਫ਼ ਨਾਅਰੇਬਾਜ਼ੀ ਕੀਤੀ ਅਤੇ ਪੱਤਰ ਵਾਪਸ ਲੈਣ ਦੀ ਮੰਗ ਕੀਤੀ।
ਸਾਂਝਾ ਅਧਿਆਪਕ ਮੋਰਚਾ ਪੰਜਾਬ ਵੱਲੋਂ ਸਿੱਖਿਆ ਵਿਭਾਗ ਵੱਲੋਂ ਜਾਰੀ ਪੱਤਰ ਨੰਬਰ ਡੀ.ਟੀ.ਯੂ ਅਤੇ ਸੁਪਰੀਮ ਡਾਇਰੈਕਸ਼ਨ ਦੀ ਮਿਤੀ 07-02-2026 ਨੂੰ ਸਾਂਝਾ ਮੋਰਚਾ ਦੀਆਂ ਧਿਰਾਂ ਵੱਲੋਂ ਪੱਤਰ ਦੀ ਮਿਤੀ 14-09-2017 ਦੇ ਪੱਤਰ ਦੀਆਂ ਕਾਪੀਆਂ ਸਾੜ ਕੇ ਰੋਸ ਪ੍ਰਗਟ ਕੀਤਾ ਗਿਆ।
ਸਿਹਤ ਵਿਭਾਗ ਦੇ ਡਾਇਰੈਕਟਰ ਵੱਲੋਂ ਮੁੱਖ ਮੰਤਰੀ
ਸਿਹਤ ਯੋਜਨਾ ਦੇ ਲਾਗੂ ਕਰਨ ਦਾ ਜਾਇਜ਼ਾ
ਸਾਹਿਬਜ਼ਾਦਾ ਅਜੀਤ ਸਿੰਘ ਨਗਰ,
10 ਫਰਵਰੀ (ਪੈਗਾਮ-ਏ-ਜਗਤ)
ਸਿਹਤ ਵਿਭਾਗ ਦੇ ਡਾਇਰੈਕਟਰ ਵੱਲੋਂ ਮੁੱਖ ਮੰਤਰੀ ਸਿਹਤ ਯੋਜਨਾ ਦੇ ਲਾਗੂ ਕਰਨ ਦਾ ਜਾਇਜ਼ਾ ਲਿਆ ਗਿਆ। ਉਨ੍ਹਾਂ ਨੇ ਅਧਿਕਾਰੀਆਂ ਨੂੰ ਹਦਾਇਤ ਕੀਤੀ ਕਿ ਹਰ ਯੋਗ ਲਾਭਪਾਤਰੀ ਤੱਕ ਸਿਹਤ ਬੀਮਾ ਕਾਰਡ ਪਹੁੰਚਾਇਆ ਜਾਵੇ।
● ਸਿਹਤ ਬੀਮਾ ਕਾਰਡ ਤਹਾਮ ਪੰਜਾਬੀਆਂ ਦੀ ਚੰਗੀ ਸਿਹਤ ਲਈ ਬੇਹੱਦ ਅਹਿਮ- ਡਾ. ਜਤਿੰਦਰ ਕੌਰ
ਸਿਹਤ ਯੋਜਨਾ ਦਾ ਜਾਇਜ਼ਾ ਲੈਂਦੇ ਹੋਏ ਅਧਿਕਾਰੀ।
ਵਿਭਾਗੀ ਅਧਿਕਾਰੀਆਂ ਨੂੰ ਕਿਹਾ ਗਿਆ ਕਿ ਉਹ ਪਿੰਡ-ਪਿੰਡ ਜਾ ਕੇ ਲੋਕਾਂ ਨੂੰ ਜਾਗਰੂਕ ਕਰਨ ਅਤੇ ਕਾਰਡ ਬਣਾਉਣ ਵਿੱਚ ਮਦਦ ਕਰਨ। ਇਸ ਮੌਕੇ ਸਿਵਲ ਸਰਜਨ ਅਤੇ ਹੋਰ ਅਧਿਕਾਰੀ ਵੀ ਹਾਜ਼ਰ ਸਨ।
ਇਸ ਮੌਕੇ ਉਨ੍ਹਾਂ ਨੇ ਕਿਹਾ ਕਿ ਪੰਜਾਬ ਸਰਕਾਰ ਦੀ ਇਹ ਯੋਜਨਾ ਲੋਕਾਂ ਲਈ ਬਹੁਤ ਲਾਹੇਵੰਦ ਸਾਬਤ ਹੋ ਰਹੀ ਹੈ। ਹਰ ਪਰਿਵਾਰ ਨੂੰ 10 ਲੱਖ ਰੁਪਏ ਤੱਕ ਦਾ ਮੁਫ਼ਤ ਇਲਾਜ ਮਿਲੇਗਾ।
ਸਿਹਤ ਵਿਭਾਗ ਦੇ ਡਾਇਰੈਕਟਰ ਵੱਲੋਂ ਮੁੱਖ ਮੰਤਰੀ ਸਿਹਤ ਯੋਜਨਾ ਦੇ ਲਾਗੂ ਕਰਨ ਦਾ ਜਾਇਜ਼ਾ ਲਿਆ ਗਿਆ। ਉਨ੍ਹਾਂ ਨੇ ਅਧਿਕਾਰੀਆਂ ਨੂੰ ਹਦਾਇਤ ਕੀਤੀ ਕਿ ਹਰ ਯੋਗ ਲਾਭਪਾਤਰੀ ਤੱਕ ਸਿਹਤ ਬੀਮਾ ਕਾਰਡ ਪਹੁੰਚਾਇਆ ਜਾਵੇ।
ਵਿਭਾਗੀ ਅਧਿਕਾਰੀਆਂ ਨੂੰ ਕਿਹਾ ਗਿਆ ਕਿ ਉਹ ਪਿੰਡ-ਪਿੰਡ ਜਾ ਕੇ ਲੋਕਾਂ ਨੂੰ ਜਾਗਰੂਕ ਕਰਨ ਅਤੇ ਕਾਰਡ ਬਣਾਉਣ ਵਿੱਚ ਮਦਦ ਕਰਨ। ਇਸ ਮੌਕੇ ਸਿਵਲ ਸਰਜਨ ਅਤੇ ਹੋਰ ਅਧਿਕਾਰੀ ਵੀ ਹਾਜ਼ਰ ਸਨ।
'ਪੈਗਾਮ-ਏ-ਜਗਤ' 'ਚ ਪ੍ਰਕਾਸ਼ਿਤ ਸਮੱਗਰੀ ਅਤੇ ਹੋਰ ਵਾਦ-ਵਿਵਾਦ ਸੰਬੰਧੀ ਕੇਸਾਂ ਦਾ ਨਿਪਟਾਰਾ ਸਿਰਫ ਮੁਹਾਲੀ (ਚੰਡੀਗੜ੍ਹ) ਕੋਰਟ ਵਿੱਚ ਹੀ ਹੋਵੇਗਾ। ਲੇਖਕਾਂ ਦੀ ਰਾਏ ਨਾਲ ਸੰਪਾਦਕ ਦਾ ਸਹਿਮਤ ਹੋਣਾ ਜ਼ਰੂਰੀ ਨਹੀਂ। -ਸੰਪਾਦਕ, ਪੈਗਾਮ-ਏ-ਜਗਤ
